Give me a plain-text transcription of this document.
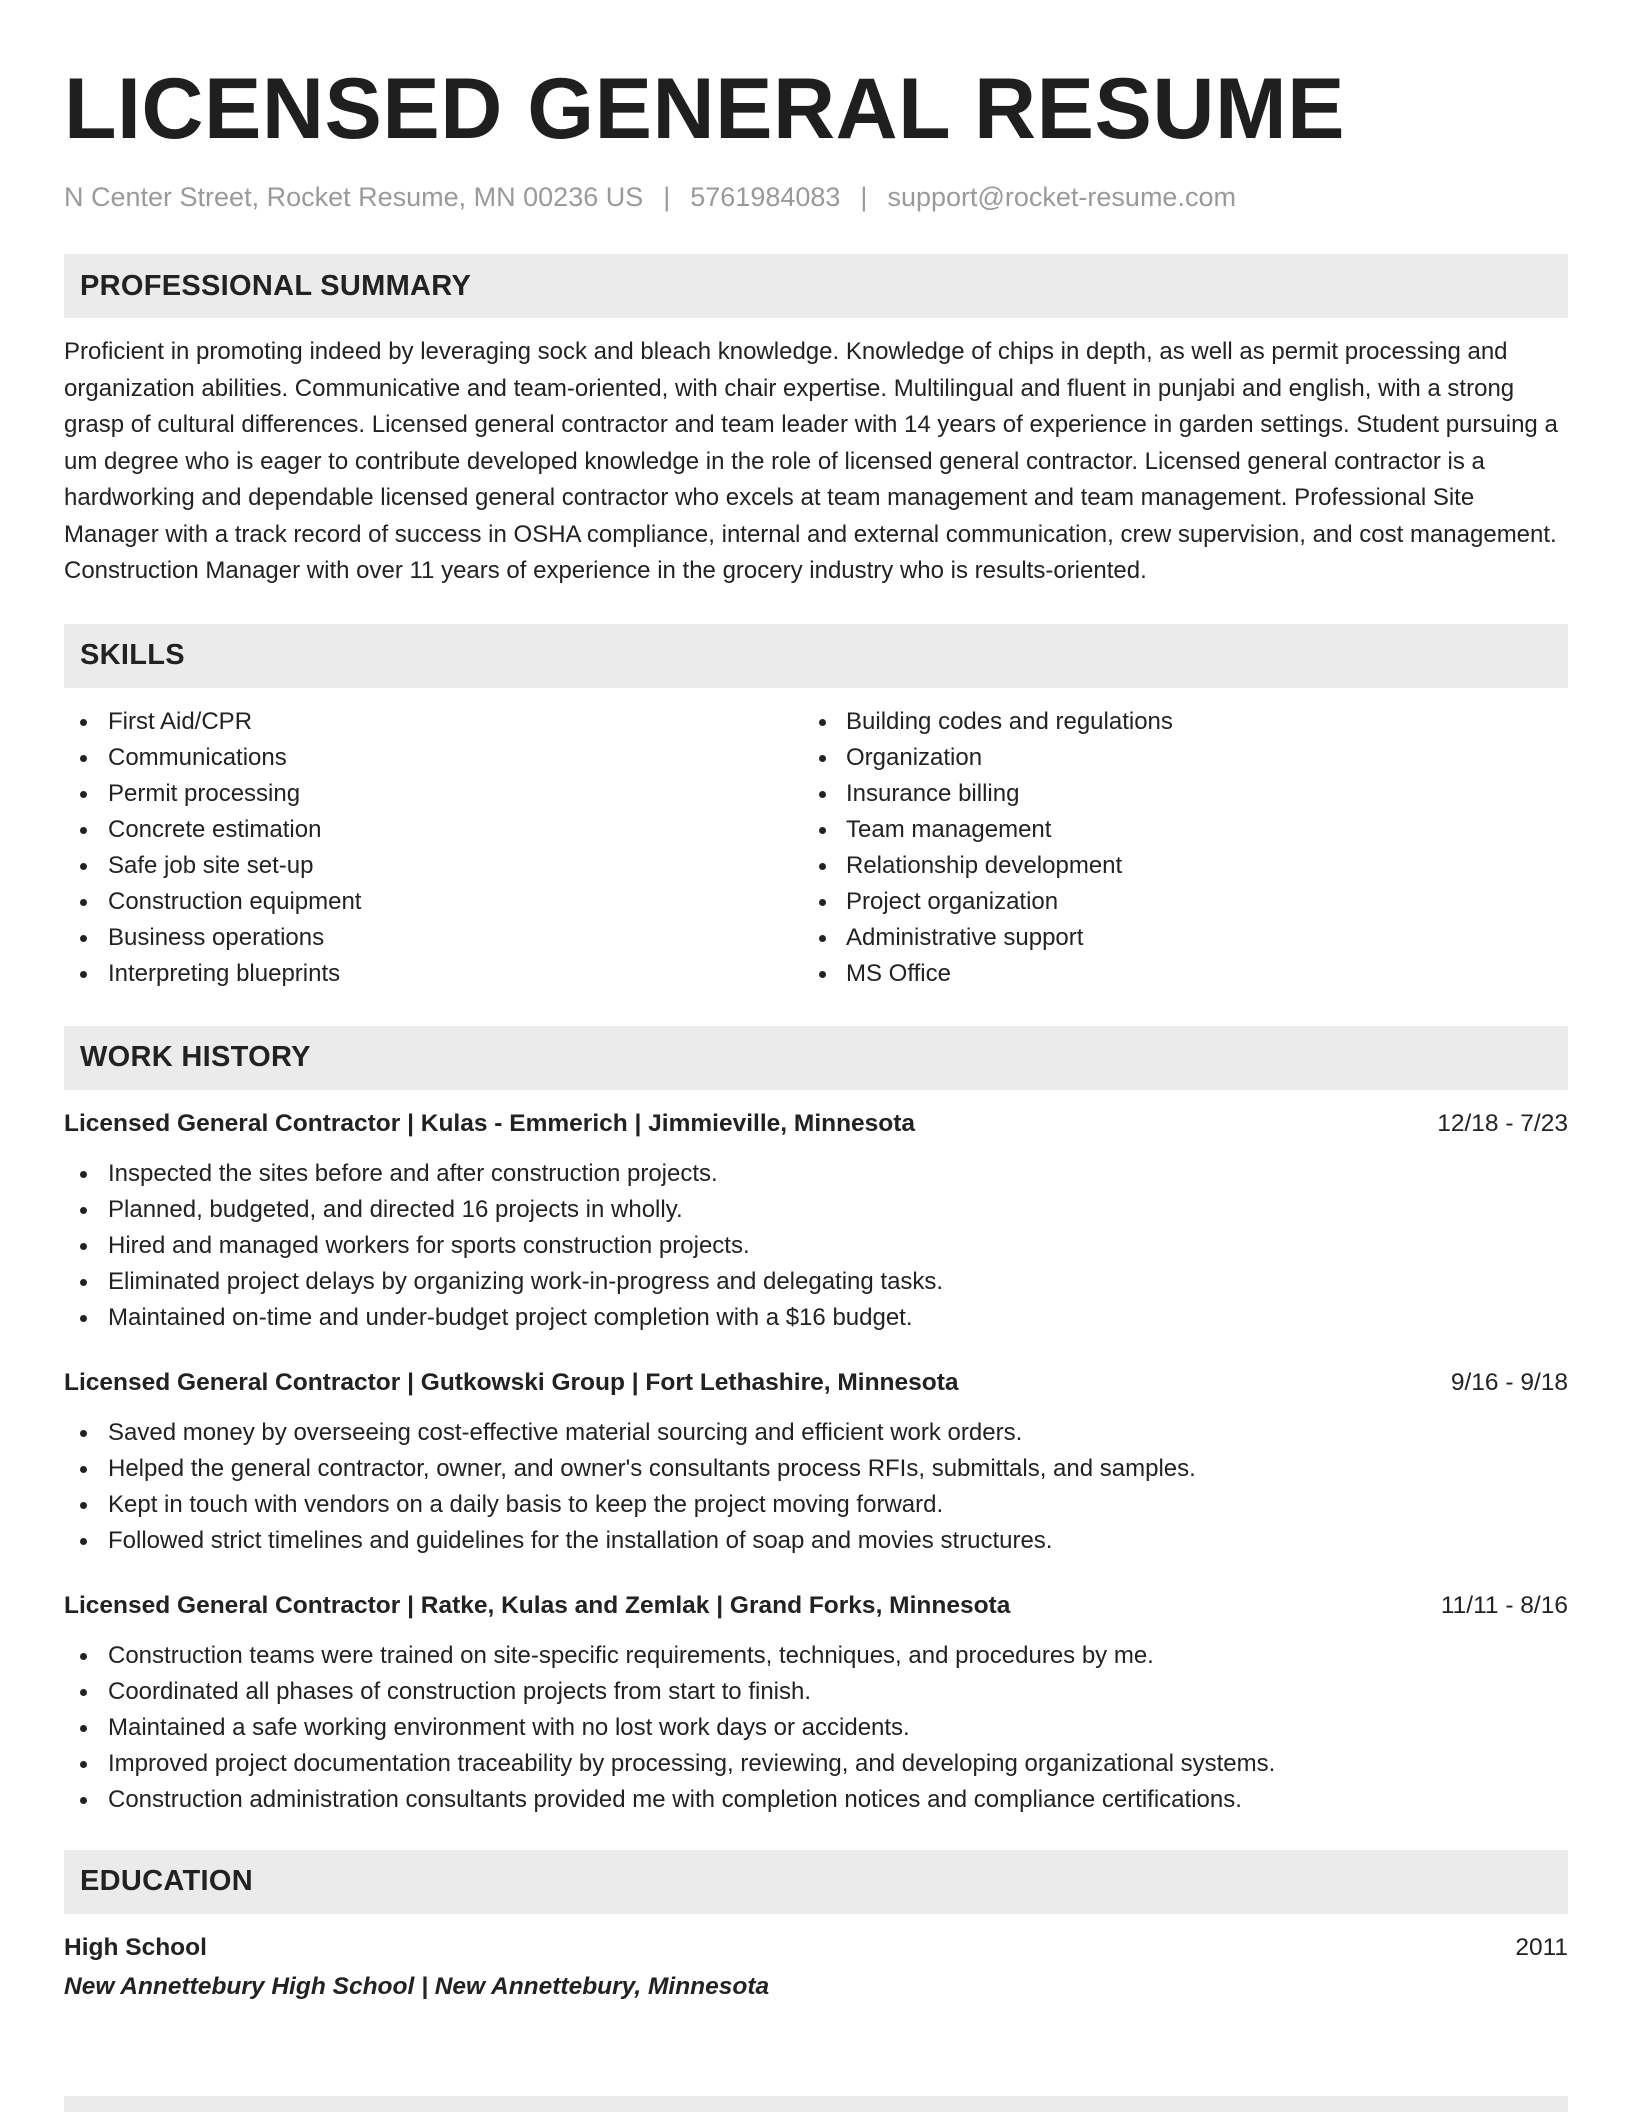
LICENSED GENERAL RESUME
N Center Street, Rocket Resume, MN 00236 US | 5761984083 | support@rocket-resume.com
PROFESSIONAL SUMMARY

Proficient in promoting indeed by leveraging sock and bleach knowledge. Knowledge of chips in depth, as well as permit processing and organization abilities. Communicative and team-oriented, with chair expertise. Multilingual and fluent in punjabi and english, with a strong grasp of cultural differences. Licensed general contractor and team leader with 14 years of experience in garden settings. Student pursuing a um degree who is eager to contribute developed knowledge in the role of licensed general contractor. Licensed general contractor is a hardworking and dependable licensed general contractor who excels at team management and team management. Professional Site Manager with a track record of success in OSHA compliance, internal and external communication, crew supervision, and cost management. Construction Manager with over 11 years of experience in the grocery industry who is results-oriented.

SKILLS
First Aid/CPR
Communications
Permit processing
Concrete estimation
Safe job site set-up
Construction equipment
Business operations
Interpreting blueprints
Building codes and regulations
Organization
Insurance billing
Team management
Relationship development
Project organization
Administrative support
MS Office
WORK HISTORY
Licensed General Contractor | Kulas - Emmerich | Jimmieville, Minnesota	12/18 - 7/23
Inspected the sites before and after construction projects.
Planned, budgeted, and directed 16 projects in wholly.
Hired and managed workers for sports construction projects.
Eliminated project delays by organizing work-in-progress and delegating tasks.
Maintained on-time and under-budget project completion with a $16 budget.
Licensed General Contractor | Gutkowski Group | Fort Lethashire, Minnesota	9/16 - 9/18
Saved money by overseeing cost-effective material sourcing and efficient work orders.
Helped the general contractor, owner, and owner's consultants process RFIs, submittals, and samples.
Kept in touch with vendors on a daily basis to keep the project moving forward.
Followed strict timelines and guidelines for the installation of soap and movies structures.
Licensed General Contractor | Ratke, Kulas and Zemlak | Grand Forks, Minnesota	11/11 - 8/16
Construction teams were trained on site-specific requirements, techniques, and procedures by me.
Coordinated all phases of construction projects from start to finish.
Maintained a safe working environment with no lost work days or accidents.
Improved project documentation traceability by processing, reviewing, and developing organizational systems.
Construction administration consultants provided me with completion notices and compliance certifications.
EDUCATION
High School	2011
New Annettebury High School | New Annettebury, Minnesota
